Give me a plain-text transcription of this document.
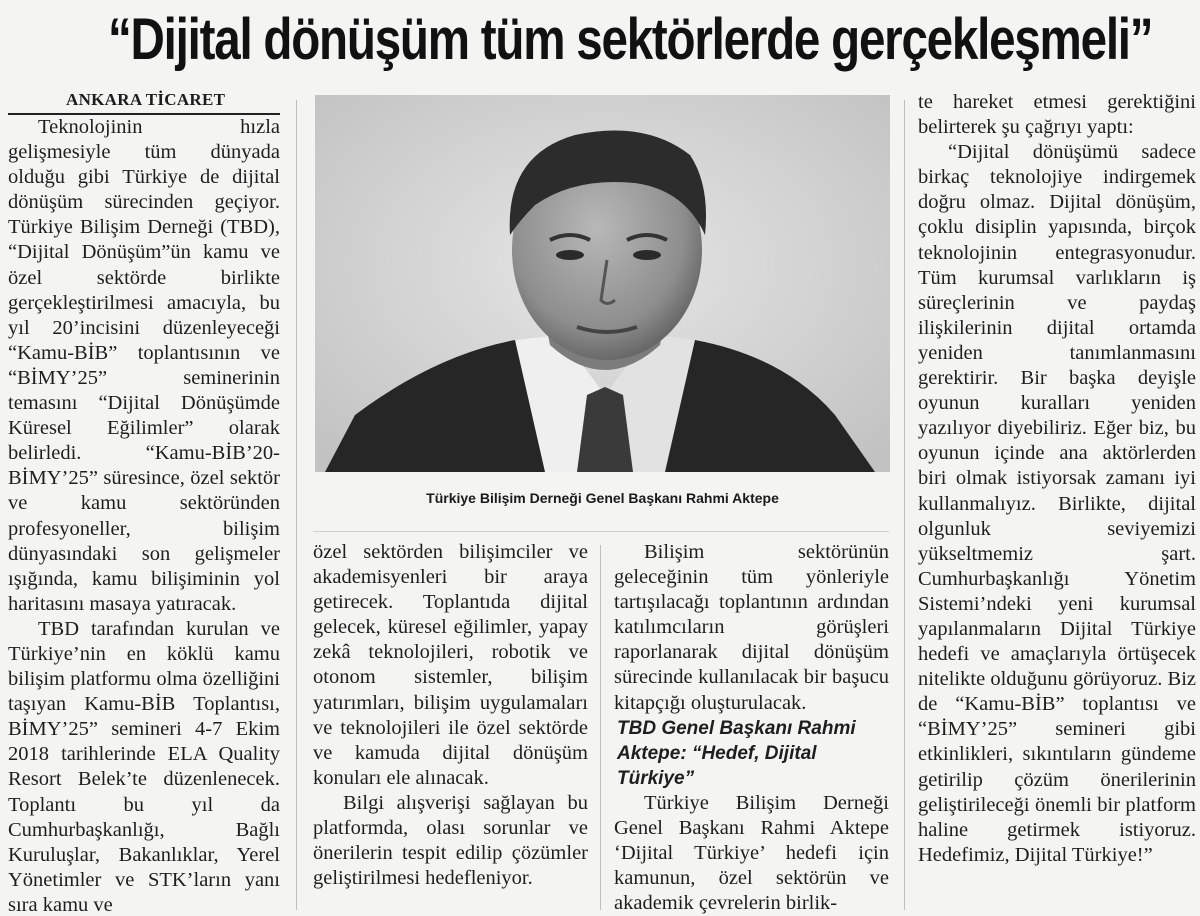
“Dijital dönüşüm tüm sektörlerde gerçekleşmeli”
ANKARA TİCARET

Teknolojinin hızla gelişmesiyle tüm dünyada olduğu gibi Türkiye de dijital dönüşüm sürecinden geçiyor. Türkiye Bilişim Derneği (TBD), “Dijital Dönüşüm”ün kamu ve özel sektörde birlikte gerçekleştirilmesi amacıyla, bu yıl 20’incisini düzenleyeceği “Kamu-BİB” toplantısının ve “BİMY’25” seminerinin temasını “Dijital Dönüşümde Küresel Eğilimler” olarak belirledi. “Kamu-BİB’20-BİMY’25” süresince, özel sektör ve kamu sektöründen profesyoneller, bilişim dünyasındaki son gelişmeler ışığında, kamu bilişiminin yol haritasını masaya yatıracak.

TBD tarafından kurulan ve Türkiye’nin en köklü kamu bilişim platformu olma özelliğini taşıyan Kamu-BİB Toplantısı, BİMY’25” semineri 4-7 Ekim 2018 tarihlerinde ELA Quality Resort Belek’te düzenlenecek. Toplantı bu yıl da Cumhurbaşkanlığı, Bağlı Kuruluşlar, Bakanlıklar, Yerel Yönetimler ve STK’ların yanı sıra kamu ve

Türkiye Bilişim Derneği Genel Başkanı Rahmi Aktepe

özel sektörden bilişimciler ve akademisyenleri bir araya getirecek. Toplantıda dijital gelecek, küresel eğilimler, yapay zekâ teknolojileri, robotik ve otonom sistemler, bilişim yatırımları, bilişim uygulamaları ve teknolojileri ile özel sektörde ve kamuda dijital dönüşüm konuları ele alınacak.

Bilgi alışverişi sağlayan bu platformda, olası sorunlar ve önerilerin tespit edilip çözümler geliştirilmesi hedefleniyor.

Bilişim sektörünün geleceğinin tüm yönleriyle tartışılacağı toplantının ardından katılımcıların görüşleri raporlanarak dijital dönüşüm sürecinde kullanılacak bir başucu kitapçığı oluşturulacak.

TBD Genel Başkanı Rahmi Aktepe: “Hedef, Dijital Türkiye”

Türkiye Bilişim Derneği Genel Başkanı Rahmi Aktepe ‘Dijital Türkiye’ hedefi için kamunun, özel sektörün ve akademik çevrelerin birlik-

te hareket etmesi gerektiğini belirterek şu çağrıyı yaptı:

“Dijital dönüşümü sadece birkaç teknolojiye indirgemek doğru olmaz. Dijital dönüşüm, çoklu disiplin yapısında, birçok teknolojinin entegrasyonudur. Tüm kurumsal varlıkların iş süreçlerinin ve paydaş ilişkilerinin dijital ortamda yeniden tanımlanmasını gerektirir. Bir başka deyişle oyunun kuralları yeniden yazılıyor diyebiliriz. Eğer biz, bu oyunun içinde ana aktörlerden biri olmak istiyorsak zamanı iyi kullanmalıyız. Birlikte, dijital olgunluk seviyemizi yükseltmemiz şart. Cumhurbaşkanlığı Yönetim Sistemi’ndeki yeni kurumsal yapılanmaların Dijital Türkiye hedefi ve amaçlarıyla örtüşecek nitelikte olduğunu görüyoruz. Biz de “Kamu-BİB” toplantısı ve “BİMY’25” semineri gibi etkinlikleri, sıkıntıların gündeme getirilip çözüm önerilerinin geliştirileceği önemli bir platform haline getirmek istiyoruz. Hedefimiz, Dijital Türkiye!”
